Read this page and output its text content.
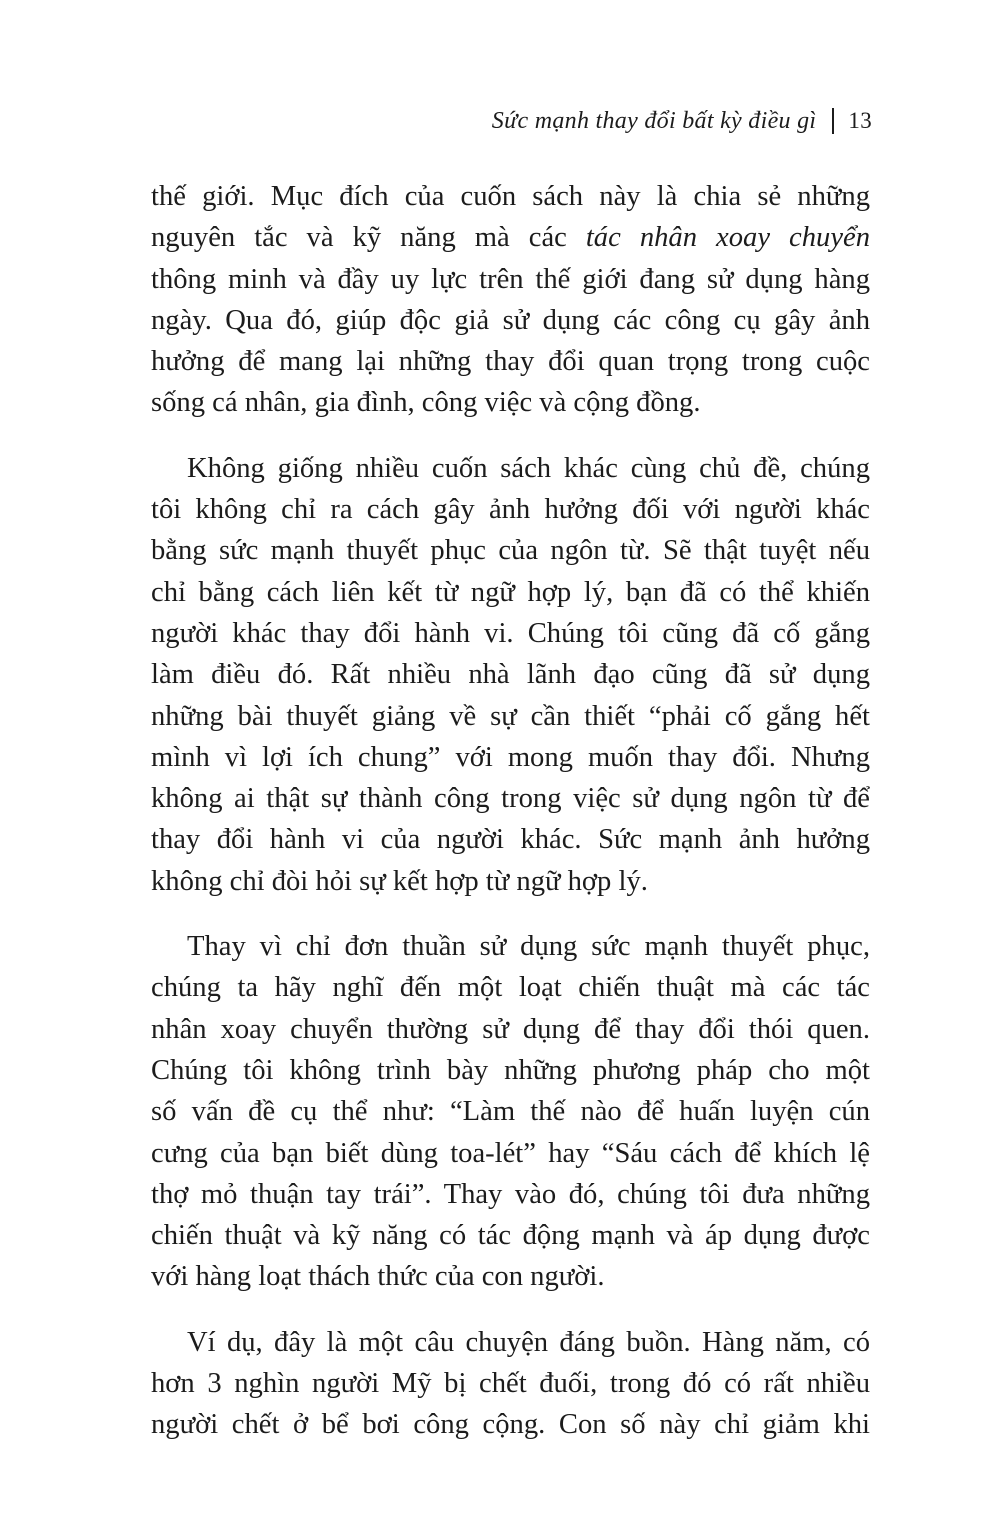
Sức mạnh thay đổi bất kỳ điều gì 13

thế giới. Mục đích của cuốn sách này là chia sẻ những
nguyên tắc và kỹ năng mà các tác nhân xoay chuyển
thông minh và đầy uy lực trên thế giới đang sử dụng hàng
ngày. Qua đó, giúp độc giả sử dụng các công cụ gây ảnh
hưởng để mang lại những thay đổi quan trọng trong cuộc
sống cá nhân, gia đình, công việc và cộng đồng.

Không giống nhiều cuốn sách khác cùng chủ đề, chúng
tôi không chỉ ra cách gây ảnh hưởng đối với người khác
bằng sức mạnh thuyết phục của ngôn từ. Sẽ thật tuyệt nếu
chỉ bằng cách liên kết từ ngữ hợp lý, bạn đã có thể khiến
người khác thay đổi hành vi. Chúng tôi cũng đã cố gắng
làm điều đó. Rất nhiều nhà lãnh đạo cũng đã sử dụng
những bài thuyết giảng về sự cần thiết “phải cố gắng hết
mình vì lợi ích chung” với mong muốn thay đổi. Nhưng
không ai thật sự thành công trong việc sử dụng ngôn từ để
thay đổi hành vi của người khác. Sức mạnh ảnh hưởng
không chỉ đòi hỏi sự kết hợp từ ngữ hợp lý.

Thay vì chỉ đơn thuần sử dụng sức mạnh thuyết phục,
chúng ta hãy nghĩ đến một loạt chiến thuật mà các tác
nhân xoay chuyển thường sử dụng để thay đổi thói quen.
Chúng tôi không trình bày những phương pháp cho một
số vấn đề cụ thể như: “Làm thế nào để huấn luyện cún
cưng của bạn biết dùng toa-lét” hay “Sáu cách để khích lệ
thợ mỏ thuận tay trái”. Thay vào đó, chúng tôi đưa những
chiến thuật và kỹ năng có tác động mạnh và áp dụng được
với hàng loạt thách thức của con người.

Ví dụ, đây là một câu chuyện đáng buồn. Hàng năm, có
hơn 3 nghìn người Mỹ bị chết đuối, trong đó có rất nhiều
người chết ở bể bơi công cộng. Con số này chỉ giảm khi
